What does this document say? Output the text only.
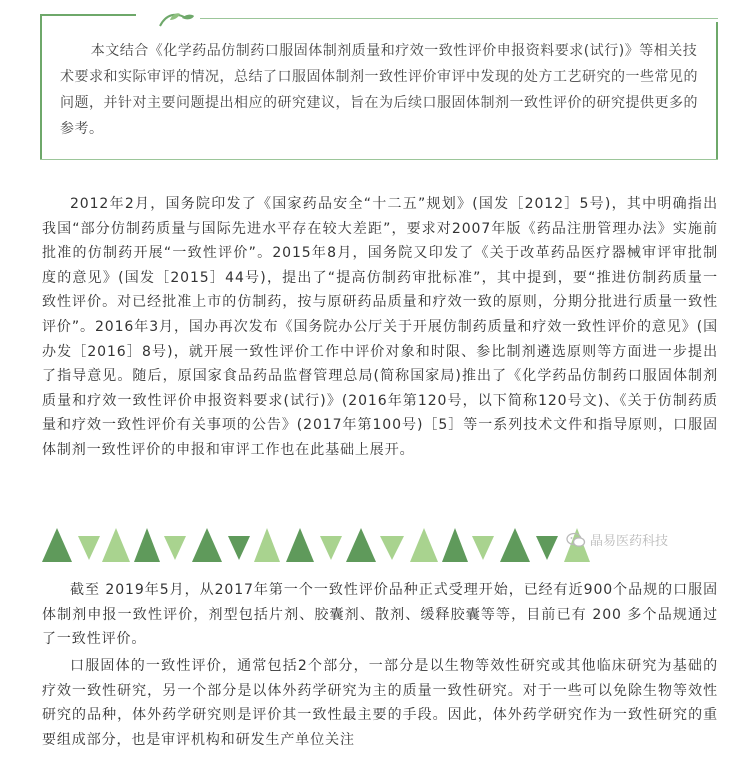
本文结合《化学药品仿制药口服固体制剂质量和疗效一致性评价申报资料要求(试行)》等相关技术要求和实际审评的情况，总结了口服固体制剂一致性评价审评中发现的处方工艺研究的一些常见的 问题，并针对主要问题提出相应的研究建议，旨在为后续口服固体制剂一致性评价的研究提供更多的参考。
2012年2月，国务院印发了《国家药品安全“十二五”规划》(国发［2012］5号)，其中明确指出我国“部分仿制药质量与国际先进水平存在较大差距”，要求对2007年版《药品注册管理办法》实施前批准的仿制药开展“一致性评价”。2015年8月，国务院又印发了《关于改革药品医疗器械审评审批制度的意见》(国发［2015］44号)，提出了“提高仿制药审批标准”，其中提到，要“推进仿制药质量一致性评价。对已经批准上市的仿制药，按与原研药品质量和疗效一致的原则，分期分批进行质量一致性评价”。2016年3月，国办再次发布《国务院办公厅关于开展仿制药质量和疗效一致性评价的意见》(国办发［2016］8号)，就开展一致性评价工作中评价对象和时限、参比制剂遴选原则等方面进一步提出了指导意见。随后，原国家食品药品监督管理总局(简称国家局)推出了《化学药品仿制药口服固体制剂质量和疗效一致性评价申报资料要求(试行)》(2016年第120号，以下简称120号文)、《关于仿制药质量和疗效一致性评价有关事项的公告》(2017年第100号)［5］等一系列技术文件和指导原则，口服固体制剂一致性评价的申报和审评工作也在此基础上展开。
晶易医药科技
截至 2019年5月，从2017年第一个一致性评价品种正式受理开始，已经有近900个品规的口服固体制剂申报一致性评价，剂型包括片剂、胶囊剂、散剂、缓释胶囊等等，目前已有 200 多个品规通过了一致性评价。
口服固体的一致性评价，通常包括2个部分，一部分是以生物等效性研究或其他临床研究为基础的疗效一致性研究，另一个部分是以体外药学研究为主的质量一致性研究。对于一些可以免除生物等效性研究的品种，体外药学研究则是评价其一致性最主要的手段。因此，体外药学研究作为一致性研究的重要组成部分，也是审评机构和研发生产单位关注
